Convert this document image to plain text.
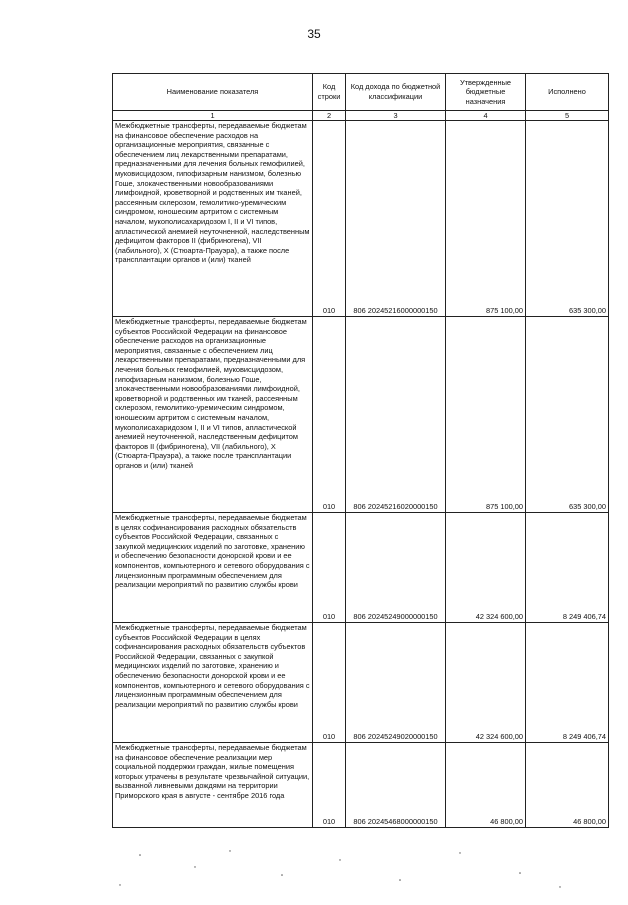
35
Наименование показателя	Код строки	Код дохода по бюджетной классификации	Утвержденные бюджетные назначения	Исполнено
1	2	3	4	5
Межбюджетные трансферты, передаваемые бюджетам на финансовое обеспечение расходов на организационные мероприятия, связанные с обеспечением лиц лекарственными препаратами, предназначенными для лечения больных гемофилией, муковисцидозом, гипофизарным нанизмом, болезнью Гоше, злокачественными новообразованиями лимфоидной, кроветворной и родственных им тканей, рассеянным склерозом, гемолитико-уремическим синдромом, юношеским артритом с системным началом, мукополисахаридозом I, II и VI типов, апластической анемией неуточненной, наследственным дефицитом факторов II (фибриногена), VII (лабильного), X (Стюарта-Прауэра), а также после трансплантации органов и (или) тканей	010	806 20245216000000150	875 100,00	635 300,00
Межбюджетные трансферты, передаваемые бюджетам субъектов Российской Федерации на финансовое обеспечение расходов на организационные мероприятия, связанные с обеспечением лиц лекарственными препаратами, предназначенными для лечения больных гемофилией, муковисцидозом, гипофизарным нанизмом, болезнью Гоше, злокачественными новообразованиями лимфоидной, кроветворной и родственных им тканей, рассеянным склерозом, гемолитико-уремическим синдромом, юношеским артритом с системным началом, мукополисахаридозом I, II и VI типов, апластической анемией неуточненной, наследственным дефицитом факторов II (фибриногена), VII (лабильного), X (Стюарта-Прауэра), а также после трансплантации органов и (или) тканей	010	806 20245216020000150	875 100,00	635 300,00
Межбюджетные трансферты, передаваемые бюджетам в целях софинансирования расходных обязательств субъектов Российской Федерации, связанных с закупкой медицинских изделий по заготовке, хранению и обеспечению безопасности донорской крови и ее компонентов, компьютерного и сетевого оборудования с лицензионным программным обеспечением для реализации мероприятий по развитию службы крови	010	806 20245249000000150	42 324 600,00	8 249 406,74
Межбюджетные трансферты, передаваемые бюджетам субъектов Российской Федерации в целях софинансирования расходных обязательств субъектов Российской Федерации, связанных с закупкой медицинских изделий по заготовке, хранению и обеспечению безопасности донорской крови и ее компонентов, компьютерного и сетевого оборудования с лицензионным программным обеспечением для реализации мероприятий по развитию службы крови	010	806 20245249020000150	42 324 600,00	8 249 406,74
Межбюджетные трансферты, передаваемые бюджетам на финансовое обеспечение реализации мер социальной поддержки граждан, жилые помещения которых утрачены в результате чрезвычайной ситуации, вызванной ливневыми дождями на территории Приморского края в августе - сентябре 2016 года	010	806 20245468000000150	46 800,00	46 800,00
